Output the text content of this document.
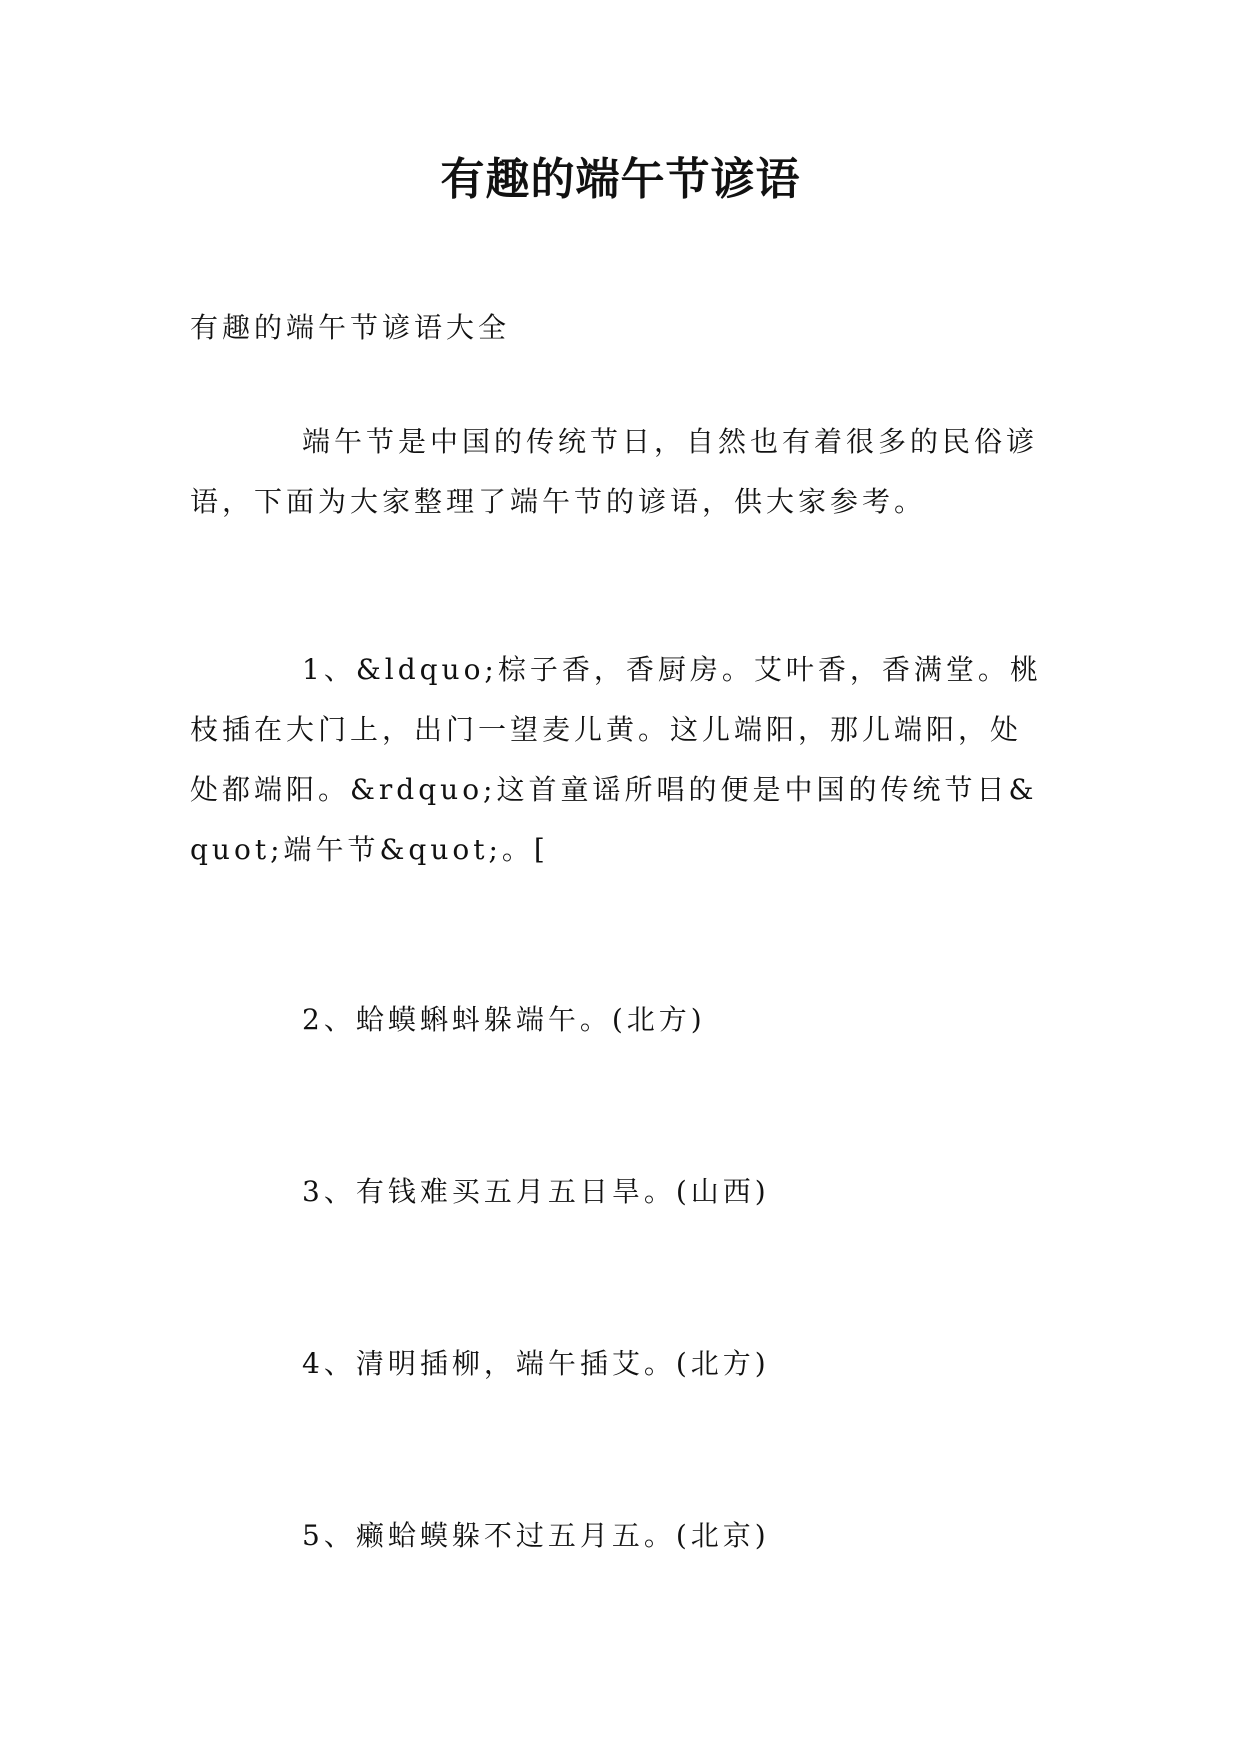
有趣的端午节谚语
有趣的端午节谚语大全
端午节是中国的传统节日，自然也有着很多的民俗谚语，下面为大家整理了端午节的谚语，供大家参考。
1、&ldquo;棕子香，香厨房。艾叶香，香满堂。桃枝插在大门上，出门一望麦儿黄。这儿端阳，那儿端阳，处处都端阳。&rdquo;这首童谣所唱的便是中国的传统节日&quot;端午节&quot;。[
2、蛤蟆蝌蚪躲端午。(北方)
3、有钱难买五月五日旱。(山西)
4、清明插柳，端午插艾。(北方)
5、癞蛤蟆躲不过五月五。(北京)
